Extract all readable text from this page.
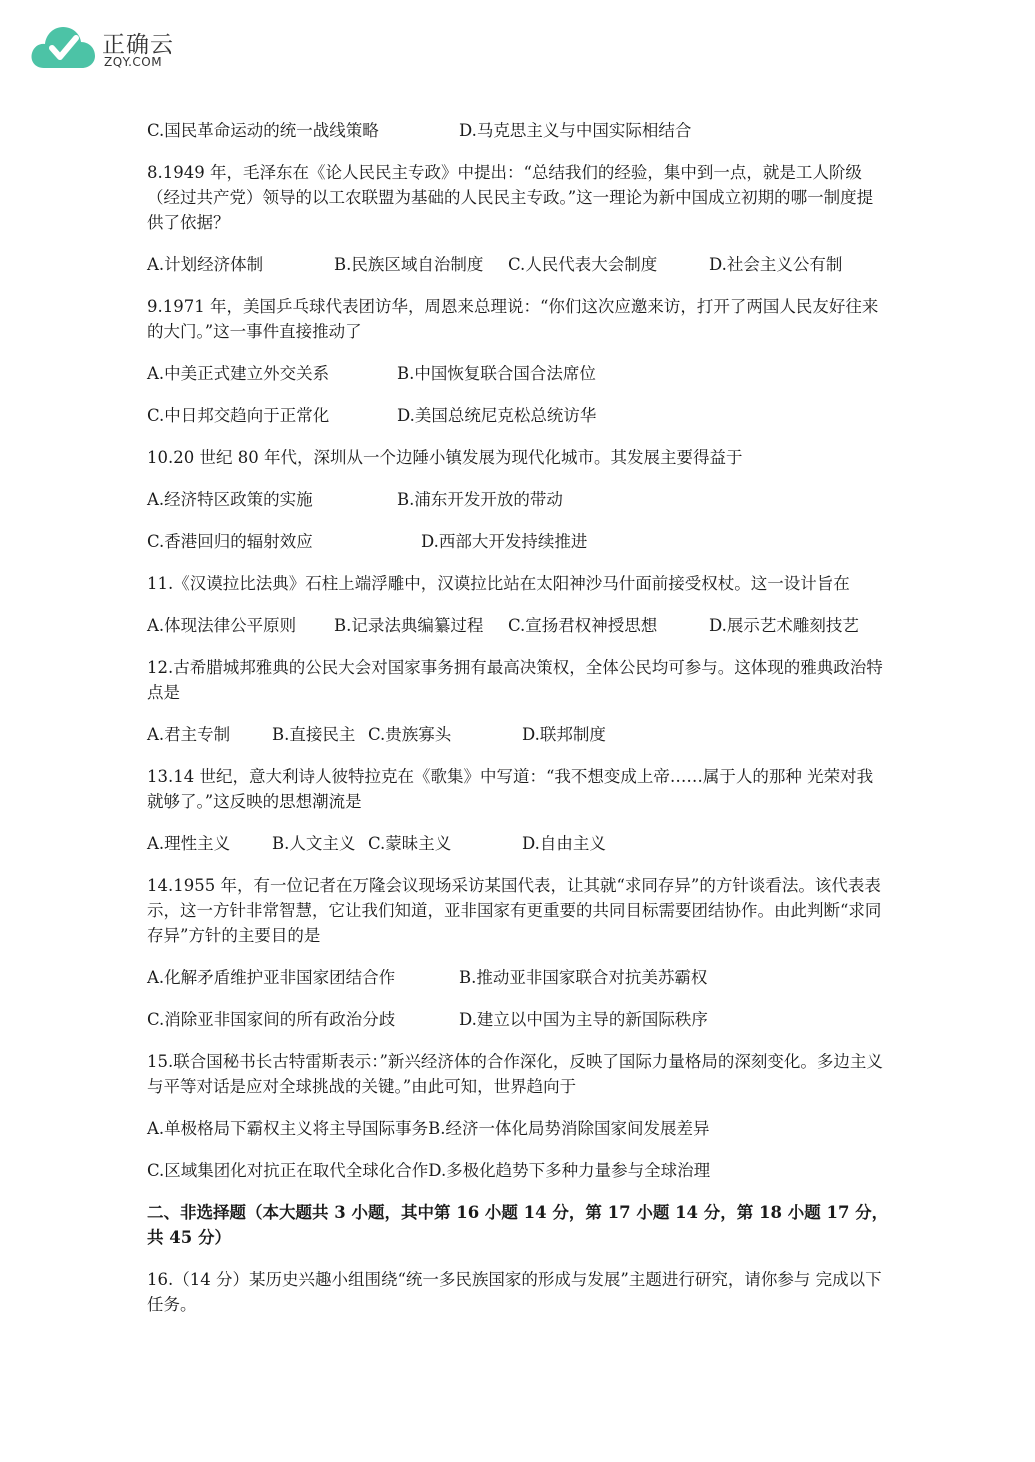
正确云
ZQY.COM
C.国民革命运动的统一战线策略	D.马克思主义与中国实际相结合
8.1949 年，毛泽东在《论人民民主专政》中提出：“总结我们的经验，集中到一点，就是工人阶级（经过共产党）领导的以工农联盟为基础的人民民主专政。”这一理论为新中国成立初期的哪一制度提供了依据？
A.计划经济体制	B.民族区域自治制度	C.人民代表大会制度	D.社会主义公有制
9.1971 年，美国乒乓球代表团访华，周恩来总理说：“你们这次应邀来访，打开了两国人民友好往来的大门。”这一事件直接推动了
A.中美正式建立外交关系	B.中国恢复联合国合法席位
C.中日邦交趋向于正常化	D.美国总统尼克松总统访华
10.20 世纪 80 年代，深圳从一个边陲小镇发展为现代化城市。其发展主要得益于
A.经济特区政策的实施	B.浦东开发开放的带动
C.香港回归的辐射效应	D.西部大开发持续推进
11.《汉谟拉比法典》石柱上端浮雕中，汉谟拉比站在太阳神沙马什面前接受权杖。这一设计旨在
A.体现法律公平原则	B.记录法典编纂过程	C.宣扬君权神授思想	D.展示艺术雕刻技艺
12.古希腊城邦雅典的公民大会对国家事务拥有最高决策权，全体公民均可参与。这体现的雅典政治特点是
A.君主专制	B.直接民主 C.贵族寡头	D.联邦制度
13.14 世纪，意大利诗人彼特拉克在《歌集》中写道：“我不想变成上帝……属于人的那种 光荣对我就够了。”这反映的思想潮流是
A.理性主义	B.人文主义 C.蒙昧主义	D.自由主义
14.1955 年，有一位记者在万隆会议现场采访某国代表，让其就“求同存异”的方针谈看法。该代表表示，这一方针非常智慧，它让我们知道，亚非国家有更重要的共同目标需要团结协作。由此判断“求同存异”方针的主要目的是
A.化解矛盾维护亚非国家团结合作	B.推动亚非国家联合对抗美苏霸权
C.消除亚非国家间的所有政治分歧	D.建立以中国为主导的新国际秩序
15.联合国秘书长古特雷斯表示：”新兴经济体的合作深化，反映了国际力量格局的深刻变化。多边主义与平等对话是应对全球挑战的关键。”由此可知，世界趋向于
A.单极格局下霸权主义将主导国际事务 B.经济一体化局势消除国家间发展差异
C.区域集团化对抗正在取代全球化合作 D.多极化趋势下多种力量参与全球治理
二、非选择题（本大题共 3 小题，其中第 16 小题 14 分，第 17 小题 14 分，第 18 小题 17 分，共 45 分）
16.（14 分）某历史兴趣小组围绕“统一多民族国家的形成与发展”主题进行研究，请你参与 完成以下任务。
